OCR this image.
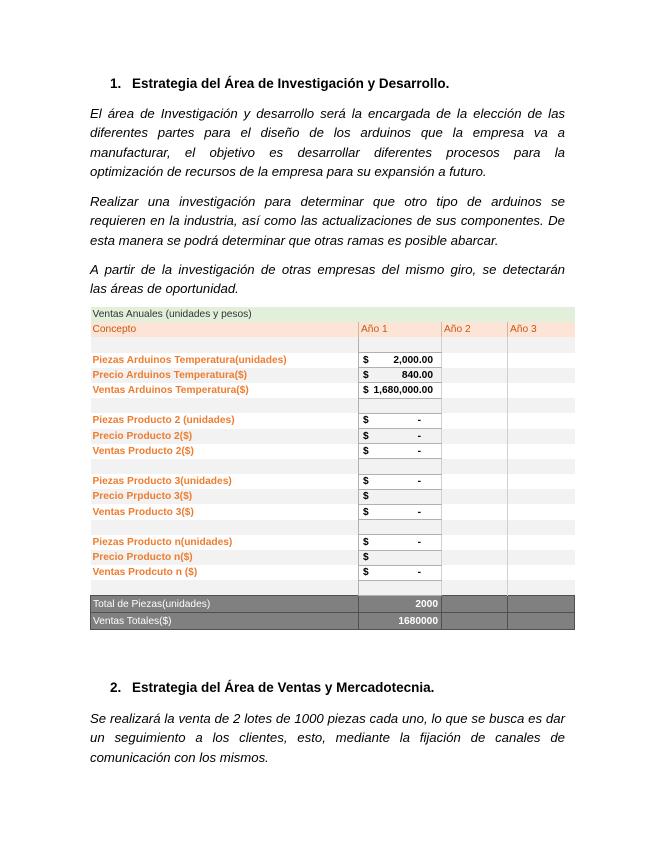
1. Estrategia del Área de Investigación y Desarrollo.

El área de Investigación y desarrollo será la encargada de la elección de las
diferentes partes para el diseño de los arduinos que la empresa va a
manufacturar, el objetivo es desarrollar diferentes procesos para la
optimización de recursos de la empresa para su expansión a futuro.

Realizar una investigación para determinar que otro tipo de arduinos se
requieren en la industria, así como las actualizaciones de sus componentes. De
esta manera se podrá determinar que otras ramas es posible abarcar.

A partir de la investigación de otras empresas del mismo giro, se detectarán
las áreas de oportunidad.

Ventas Anuales (unidades y pesos)			
Concepto	Año 1	Año 2	Año 3

Piezas Arduinos Temperatura(unidades)	$ 2,000.00		

Precio Arduinos Temperatura($)	$ 840.00		

Ventas Arduinos Temperatura($)	$ 1,680,000.00		

Piezas Producto 2 (unidades)	$ -		

Precio Producto 2($)	$ -		

Ventas Producto 2($)	$ -		

Piezas Producto 3(unidades)	$ -		

Precio Prpducto 3($)	$		

Ventas Producto 3($)	$ -		

Piezas Producto n(unidades)	$ -		

Precio Producto n($)	$		

Ventas Prodcuto n ($)	$ -		

Total de Piezas(unidades)	2000		
Ventas Totales($)	1680000		
2. Estrategia del Área de Ventas y Mercadotecnia.

Se realizará la venta de 2 lotes de 1000 piezas cada uno, lo que se busca es dar
un seguimiento a los clientes, esto, mediante la fijación de canales de
comunicación con los mismos.
